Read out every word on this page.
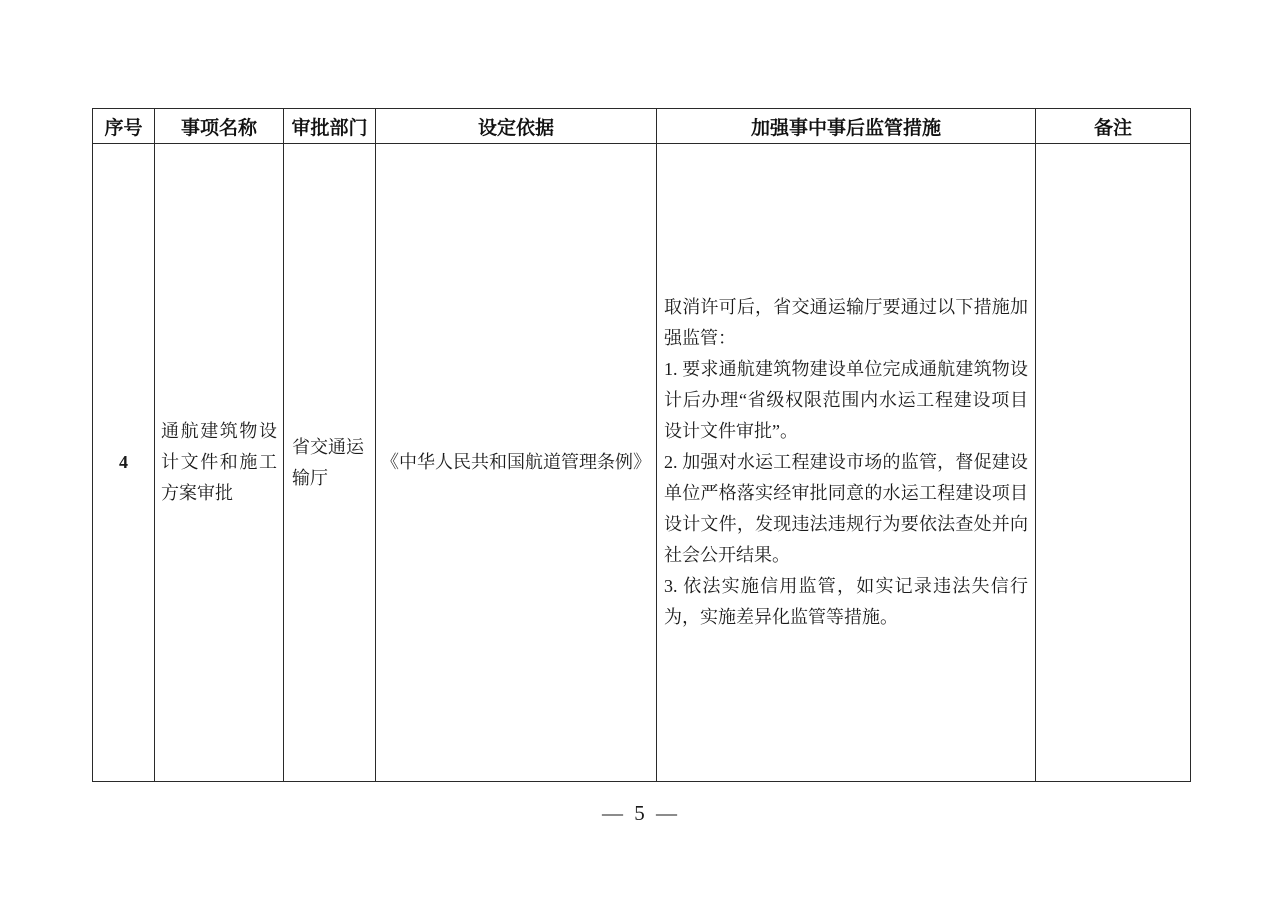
序号	事项名称	审批部门	设定依据	加强事中事后监管措施	备注
4	通航建筑物设计文件和施工方案审批	省交通运输厅	《中华人民共和国航道管理条例》	取消许可后，省交通运输厅要通过以下措施加强监管：

1. 要求通航建筑物建设单位完成通航建筑物设计后办理“省级权限范围内水运工程建设项目设计文件审批”。

2. 加强对水运工程建设市场的监管，督促建设单位严格落实经审批同意的水运工程建设项目设计文件，发现违法违规行为要依法查处并向社会公开结果。

3. 依法实施信用监管，如实记录违法失信行为，实施差异化监管等措施。	

— 5 —
